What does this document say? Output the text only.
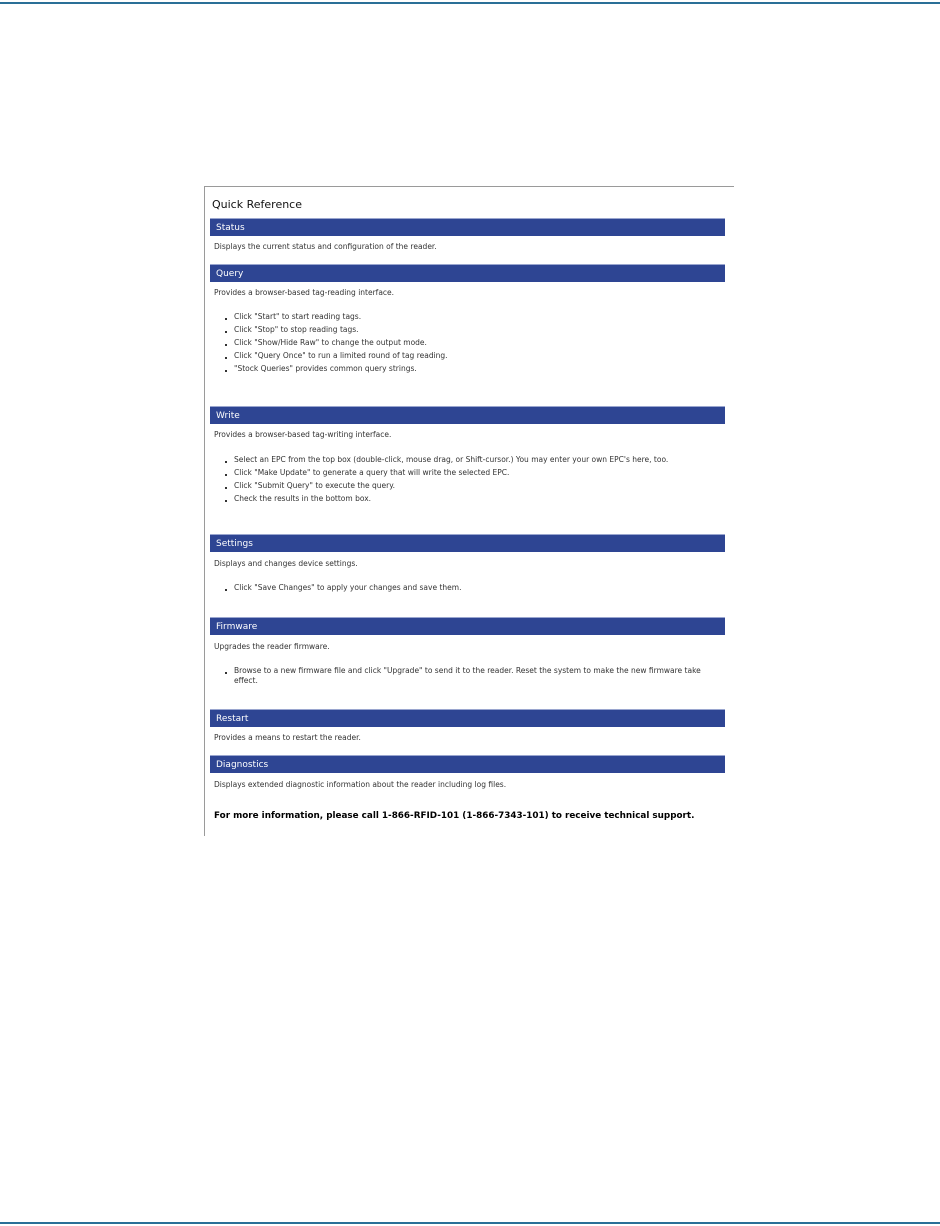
Quick Reference
Status
Displays the current status and configuration of the reader.
Query
Provides a browser-based tag-reading interface.
Click "Start" to start reading tags.
Click "Stop" to stop reading tags.
Click "Show/Hide Raw" to change the output mode.
Click "Query Once" to run a limited round of tag reading.
"Stock Queries" provides common query strings.
Write
Provides a browser-based tag-writing interface.
Select an EPC from the top box (double-click, mouse drag, or Shift-cursor.) You may enter your own EPC's here, too.
Click "Make Update" to generate a query that will write the selected EPC.
Click "Submit Query" to execute the query.
Check the results in the bottom box.
Settings
Displays and changes device settings.
Click "Save Changes" to apply your changes and save them.
Firmware
Upgrades the reader firmware.
Browse to a new firmware file and click "Upgrade" to send it to the reader. Reset the system to make the new firmware take effect.
Restart
Provides a means to restart the reader.
Diagnostics
Displays extended diagnostic information about the reader including log files.
For more information, please call 1-866-RFID-101 (1-866-7343-101) to receive technical support.
